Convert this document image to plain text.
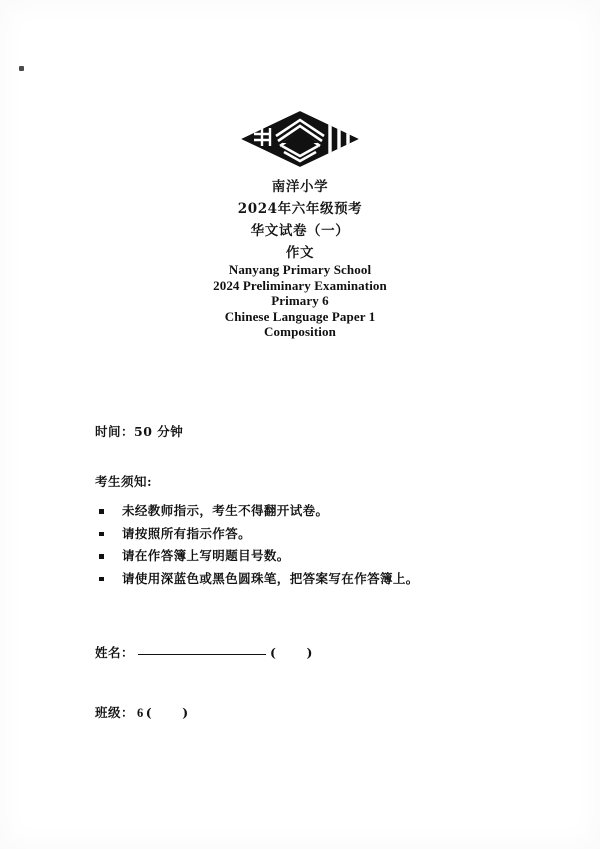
南洋小学
2024年六年级预考
华文试卷（一）
作文
Nanyang Primary School
2024 Preliminary Examination
Primary 6
Chinese Language Paper 1
Composition
时间：50 分钟
考生须知:
未经教师指示，考生不得翻开试卷。
请按照所有指示作答。
请在作答簿上写明题目号数。
请使用深蓝色或黑色圆珠笔，把答案写在作答簿上。
姓名：	( )
班级： 6 ( )
